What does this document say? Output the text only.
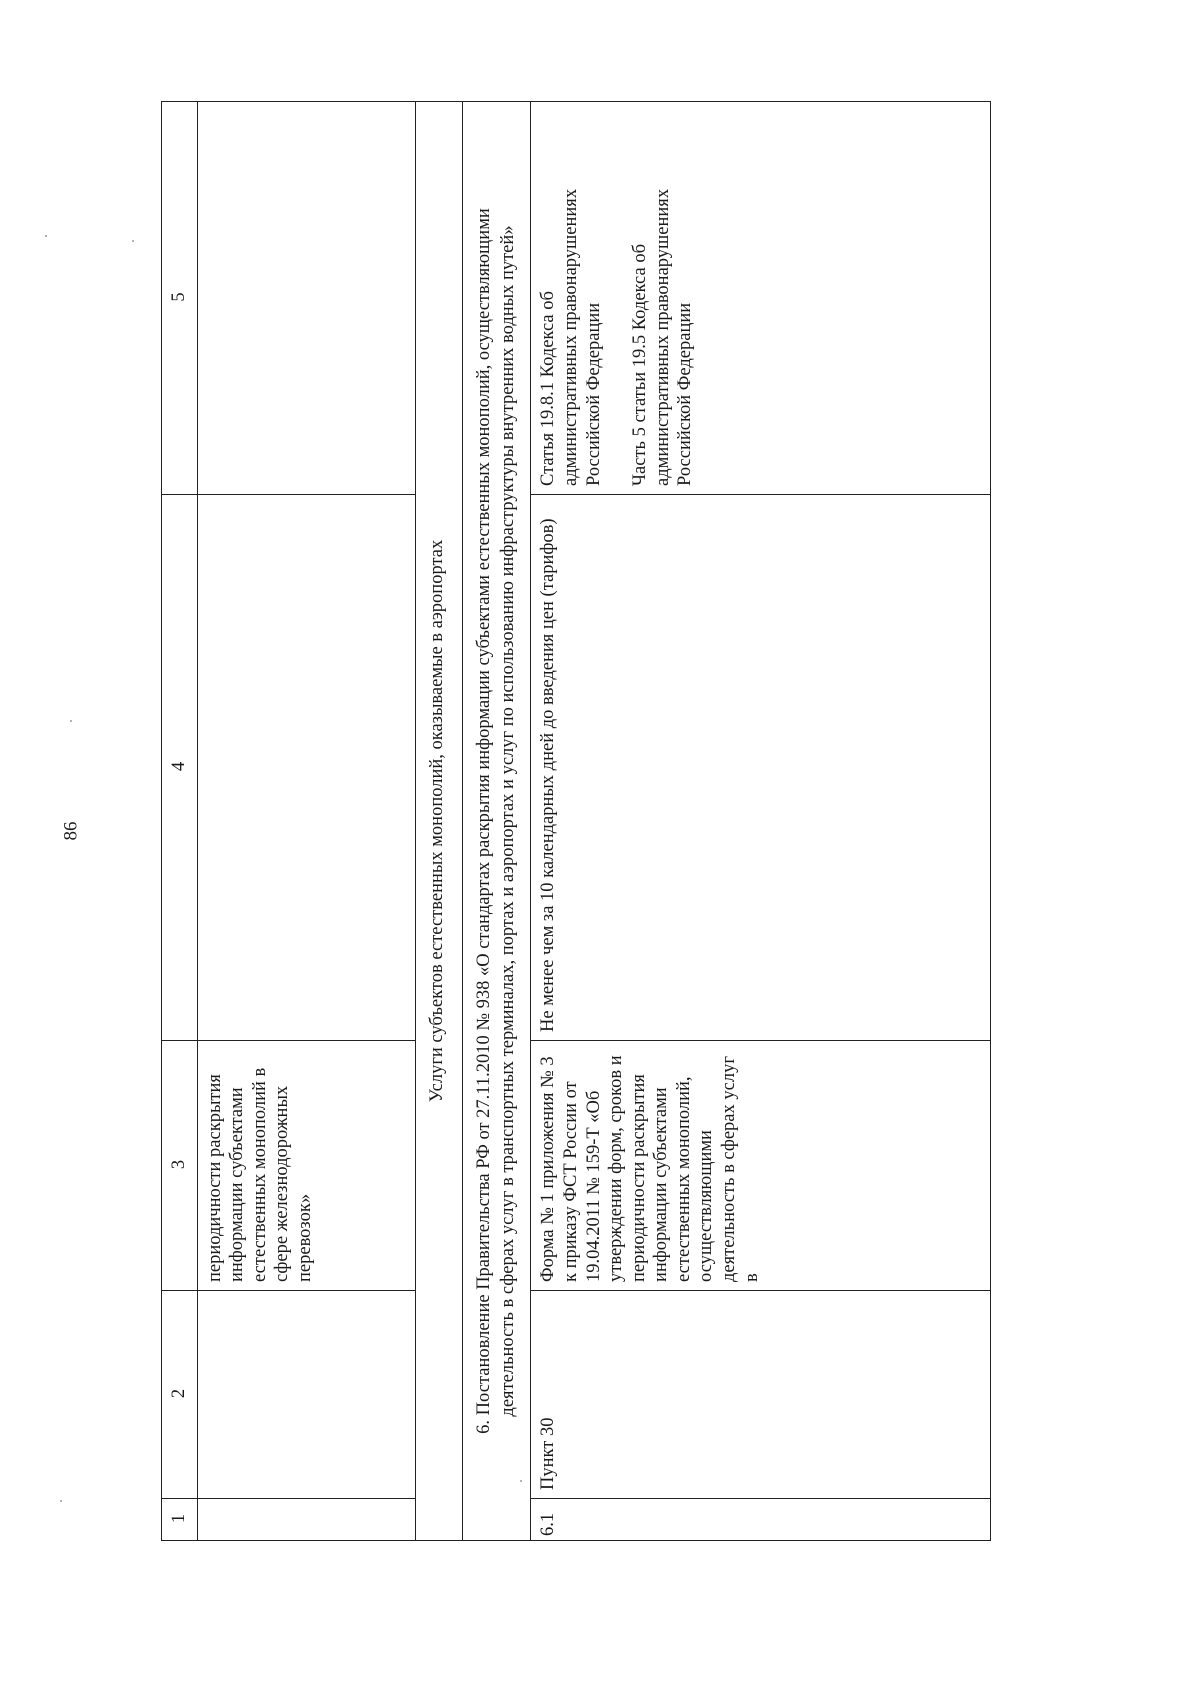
86
1	2	3	4	5
		периодичности раскрытия информации субъектами естественных монополий в сфере железнодорожных перевозок»		
Услуги субъектов естественных монополий, оказываемые в аэропортах				
6. Постановление Правительства РФ от 27.11.2010 № 938 «О стандартах раскрытия информации субъектами естественных монополий, осуществляющими деятельность в сферах услуг в транспортных терминалах, портах и аэропортах и услуг по использованию инфраструктуры внутренних водных путей»				
6.1	Пункт 30	Форма № 1 приложения № 3 к приказу ФСТ России от 19.04.2011 № 159-Т «Об утверждении форм, сроков и периодичности раскрытия информации субъектами естественных монополий, осуществляющими деятельность в сферах услуг в	Не менее чем за 10 календарных дней до введения цен (тарифов)	Статья 19.8.1 Кодекса об административных правонарушениях Российской Федерации Часть 5 статьи 19.5 Кодекса об административных правонарушениях Российской Федерации
